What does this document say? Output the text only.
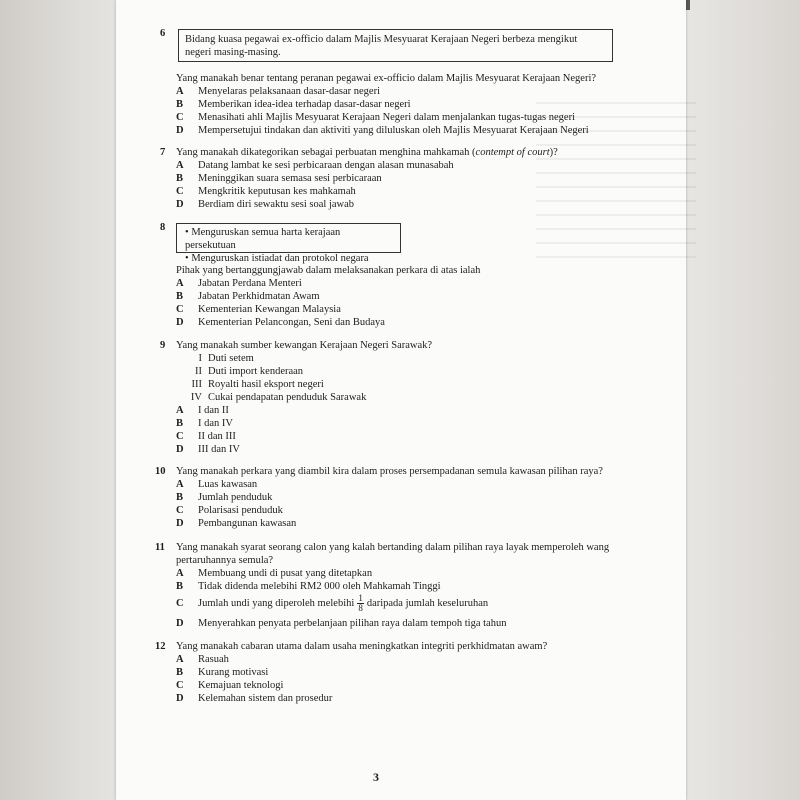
6
Bidang kuasa pegawai ex-officio dalam Majlis Mesyuarat Kerajaan Negeri berbeza mengikut negeri masing-masing.
Yang manakah benar tentang peranan pegawai ex-officio dalam Majlis Mesyuarat Kerajaan Negeri?
A Menyelaras pelaksanaan dasar-dasar negeri
B Memberikan idea-idea terhadap dasar-dasar negeri
C Menasihati ahli Majlis Mesyuarat Kerajaan Negeri dalam menjalankan tugas-tugas negeri
D Mempersetujui tindakan dan aktiviti yang diluluskan oleh Majlis Mesyuarat Kerajaan Negeri
7 Yang manakah dikategorikan sebagai perbuatan menghina mahkamah (contempt of court)?
A Datang lambat ke sesi perbicaraan dengan alasan munasabah
B Meninggikan suara semasa sesi perbicaraan
C Mengkritik keputusan kes mahkamah
D Berdiam diri sewaktu sesi soal jawab
8 • Menguruskan semua harta kerajaan persekutuan
• Menguruskan istiadat dan protokol negara
Pihak yang bertanggungjawab dalam melaksanakan perkara di atas ialah
A Jabatan Perdana Menteri
B Jabatan Perkhidmatan Awam
C Kementerian Kewangan Malaysia
D Kementerian Pelancongan, Seni dan Budaya
9 Yang manakah sumber kewangan Kerajaan Negeri Sarawak?
I Duti setem
II Duti import kenderaan
III Royalti hasil eksport negeri
IV Cukai pendapatan penduduk Sarawak
A I dan II
B I dan IV
C II dan III
D III dan IV
10 Yang manakah perkara yang diambil kira dalam proses persempadanan semula kawasan pilihan raya?
A Luas kawasan
B Jumlah penduduk
C Polarisasi penduduk
D Pembangunan kawasan
11 Yang manakah syarat seorang calon yang kalah bertanding dalam pilihan raya layak memperoleh wang
pertaruhannya semula?
A Membuang undi di pusat yang ditetapkan
B Tidak didenda melebihi RM2 000 oleh Mahkamah Tinggi
C Jumlah undi yang diperoleh melebihi $\frac{1}{8}$ daripada jumlah keseluruhan
D Menyerahkan penyata perbelanjaan pilihan raya dalam tempoh tiga tahun
12 Yang manakah cabaran utama dalam usaha meningkatkan integriti perkhidmatan awam?
A Rasuah
B Kurang motivasi
C Kemajuan teknologi
D Kelemahan sistem dan prosedur
3
